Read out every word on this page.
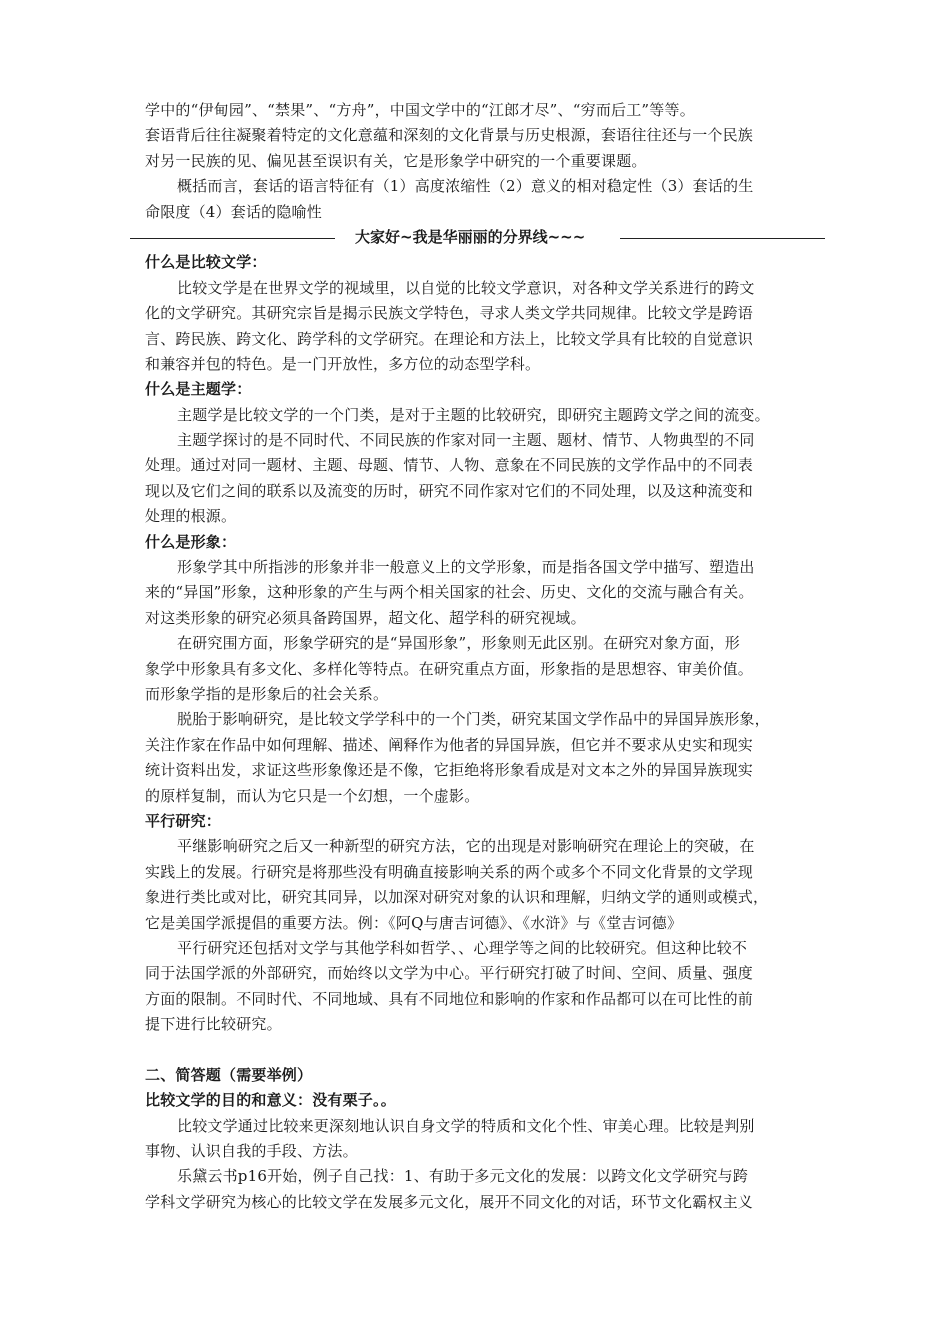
学中的“伊甸园”、“禁果”、“方舟”，中国文学中的“江郎才尽”、“穷而后工”等等。
套语背后往往凝聚着特定的文化意蕴和深刻的文化背景与历史根源，套语往往还与一个民族
对另一民族的见、偏见甚至误识有关，它是形象学中研究的一个重要课题。
概括而言，套话的语言特征有（1）高度浓缩性（2）意义的相对稳定性（3）套话的生
命限度（4）套话的隐喻性
大家好~我是华丽丽的分界线~~~
什么是比较文学：
比较文学是在世界文学的视域里，以自觉的比较文学意识，对各种文学关系进行的跨文
化的文学研究。其研究宗旨是揭示民族文学特色，寻求人类文学共同规律。比较文学是跨语
言、跨民族、跨文化、跨学科的文学研究。在理论和方法上，比较文学具有比较的自觉意识
和兼容并包的特色。是一门开放性，多方位的动态型学科。
什么是主题学：
主题学是比较文学的一个门类，是对于主题的比较研究，即研究主题跨文学之间的流变。
主题学探讨的是不同时代、不同民族的作家对同一主题、题材、情节、人物典型的不同
处理。通过对同一题材、主题、母题、情节、人物、意象在不同民族的文学作品中的不同表
现以及它们之间的联系以及流变的历时，研究不同作家对它们的不同处理，以及这种流变和
处理的根源。
什么是形象：
形象学其中所指涉的形象并非一般意义上的文学形象，而是指各国文学中描写、塑造出
来的“异国”形象，这种形象的产生与两个相关国家的社会、历史、文化的交流与融合有关。
对这类形象的研究必须具备跨国界，超文化、超学科的研究视域。
在研究围方面，形象学研究的是“异国形象”，形象则无此区别。在研究对象方面，形
象学中形象具有多文化、多样化等特点。在研究重点方面，形象指的是思想容、审美价值。
而形象学指的是形象后的社会关系。
脱胎于影响研究，是比较文学学科中的一个门类，研究某国文学作品中的异国异族形象，
关注作家在作品中如何理解、描述、阐释作为他者的异国异族，但它并不要求从史实和现实
统计资料出发，求证这些形象像还是不像，它拒绝将形象看成是对文本之外的异国异族现实
的原样复制，而认为它只是一个幻想，一个虚影。
平行研究：
平继影响研究之后又一种新型的研究方法，它的出现是对影响研究在理论上的突破，在
实践上的发展。行研究是将那些没有明确直接影响关系的两个或多个不同文化背景的文学现
象进行类比或对比，研究其同异，以加深对研究对象的认识和理解，归纳文学的通则或模式，
它是美国学派提倡的重要方法。例：《阿Q与唐吉诃德》、《水浒》与《堂吉诃德》
平行研究还包括对文学与其他学科如哲学、、心理学等之间的比较研究。但这种比较不
同于法国学派的外部研究，而始终以文学为中心。平行研究打破了时间、空间、质量、强度
方面的限制。不同时代、不同地域、具有不同地位和影响的作家和作品都可以在可比性的前
提下进行比较研究。
二、简答题（需要举例）
比较文学的目的和意义：没有栗子。。
比较文学通过比较来更深刻地认识自身文学的特质和文化个性、审美心理。比较是判别
事物、认识自我的手段、方法。
乐黛云书p16开始，例子自己找：1、有助于多元文化的发展：以跨文化文学研究与跨
学科文学研究为核心的比较文学在发展多元文化，展开不同文化的对话，环节文化霸权主义
